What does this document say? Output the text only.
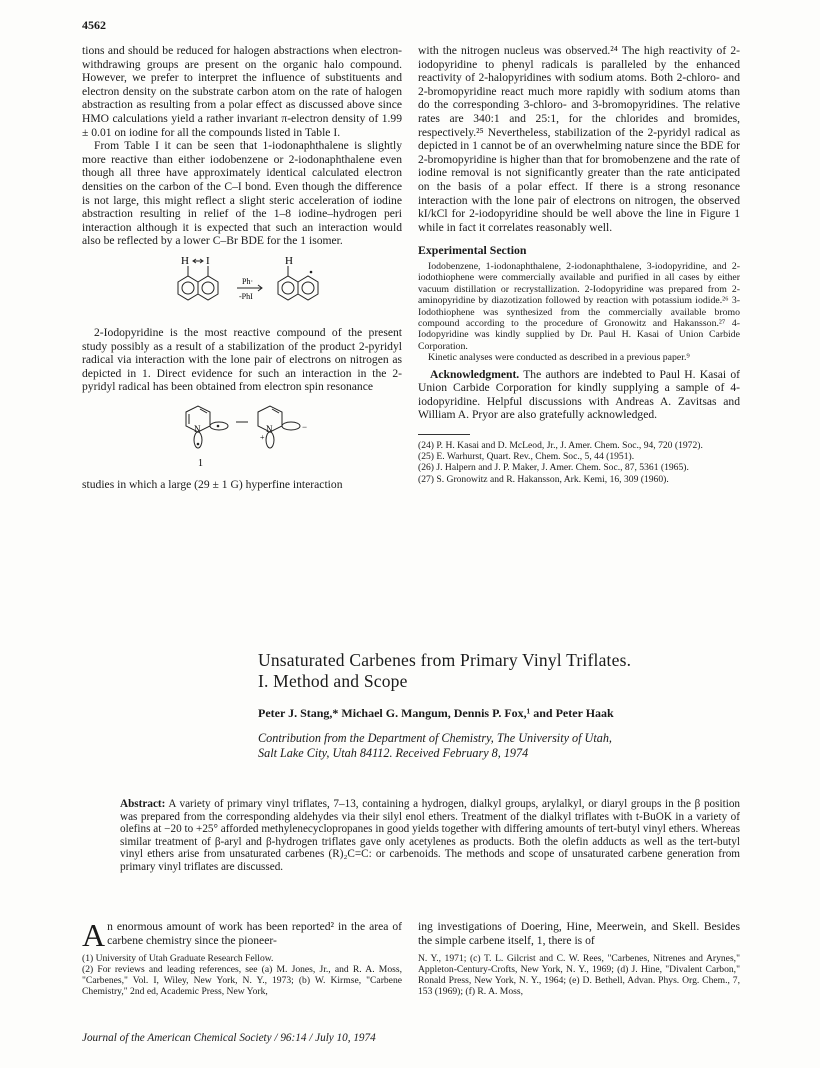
4562

tions and should be reduced for halogen abstractions when electron-withdrawing groups are present on the organic halo compound. However, we prefer to interpret the influence of substituents and electron density on the substrate carbon atom on the rate of halogen abstraction as resulting from a polar effect as discussed above since HMO calculations yield a rather invariant π-electron density of 1.99 ± 0.01 on iodine for all the compounds listed in Table I.

From Table I it can be seen that 1-iodonaphthalene is slightly more reactive than either iodobenzene or 2-iodonaphthalene even though all three have approximately identical calculated electron densities on the carbon of the C–I bond. Even though the difference is not large, this might reflect a slight steric acceleration of iodine abstraction resulting in relief of the 1–8 iodine–hydrogen peri interaction although it is expected that such an interaction would also be reflected by a lower C–Br BDE for the 1 isomer.

H I	H
Ph·
-PhI

2-Iodopyridine is the most reactive compound of the present study possibly as a result of a stabilization of the product 2-pyridyl radical via interaction with the lone pair of electrons on nitrogen as depicted in 1. Direct evidence for such an interaction in the 2-pyridyl radical has been obtained from electron spin resonance

N	N
+
−
1

studies in which a large (29 ± 1 G) hyperfine interaction

with the nitrogen nucleus was observed.²⁴ The high reactivity of 2-iodopyridine to phenyl radicals is paralleled by the enhanced reactivity of 2-halopyridines with sodium atoms. Both 2-chloro- and 2-bromopyridine react much more rapidly with sodium atoms than do the corresponding 3-chloro- and 3-bromopyridines. The relative rates are 340:1 and 25:1, for the chlorides and bromides, respectively.²⁵ Nevertheless, stabilization of the 2-pyridyl radical as depicted in 1 cannot be of an overwhelming nature since the BDE for 2-bromopyridine is higher than that for bromobenzene and the rate of iodine removal is not significantly greater than the rate anticipated on the basis of a polar effect. If there is a strong resonance interaction with the lone pair of electrons on nitrogen, the observed kI/kCl for 2-iodopyridine should be well above the line in Figure 1 while in fact it correlates reasonably well.

Experimental Section

Iodobenzene, 1-iodonaphthalene, 2-iodonaphthalene, 3-iodopyridine, and 2-iodothiophene were commercially available and purified in all cases by either vacuum distillation or recrystallization. 2-Iodopyridine was prepared from 2-aminopyridine by diazotization followed by reaction with potassium iodide.²⁶ 3-Iodothiophene was synthesized from the commercially available bromo compound according to the procedure of Gronowitz and Hakansson.²⁷ 4-Iodopyridine was kindly supplied by Dr. Paul H. Kasai of Union Carbide Corporation.

Kinetic analyses were conducted as described in a previous paper.⁹

Acknowledgment. The authors are indebted to Paul H. Kasai of Union Carbide Corporation for kindly supplying a sample of 4-iodopyridine. Helpful discussions with Andreas A. Zavitsas and William A. Pryor are also gratefully acknowledged.

(24) P. H. Kasai and D. McLeod, Jr., J. Amer. Chem. Soc., 94, 720 (1972).
(25) E. Warhurst, Quart. Rev., Chem. Soc., 5, 44 (1951).
(26) J. Halpern and J. P. Maker, J. Amer. Chem. Soc., 87, 5361 (1965).
(27) S. Gronowitz and R. Hakansson, Ark. Kemi, 16, 309 (1960).
Unsaturated Carbenes from Primary Vinyl Triflates.
I. Method and Scope
Peter J. Stang,* Michael G. Mangum, Dennis P. Fox,¹ and Peter Haak
Contribution from the Department of Chemistry, The University of Utah,
Salt Lake City, Utah 84112. Received February 8, 1974
Abstract: A variety of primary vinyl triflates, 7–13, containing a hydrogen, dialkyl groups, arylalkyl, or diaryl groups in the β position was prepared from the corresponding aldehydes via their silyl enol ethers. Treatment of the dialkyl triflates with t-BuOK in a variety of olefins at −20 to +25° afforded methylenecyclopropanes in good yields together with differing amounts of tert-butyl vinyl ethers. Whereas similar treatment of β-aryl and β-hydrogen triflates gave only acetylenes as products. Both the olefin adducts as well as the tert-butyl vinyl ethers arise from unsaturated carbenes (R)₂C=C: or carbenoids. The methods and scope of unsaturated carbene generation from primary vinyl triflates are discussed.
An enormous amount of work has been reported² in the area of carbene chemistry since the pioneer-
(1) University of Utah Graduate Research Fellow.
(2) For reviews and leading references, see (a) M. Jones, Jr., and R. A. Moss, "Carbenes," Vol. I, Wiley, New York, N. Y., 1973; (b) W. Kirmse, "Carbene Chemistry," 2nd ed, Academic Press, New York,
ing investigations of Doering, Hine, Meerwein, and Skell. Besides the simple carbene itself, 1, there is of
N. Y., 1971; (c) T. L. Gilcrist and C. W. Rees, "Carbenes, Nitrenes and Arynes," Appleton-Century-Crofts, New York, N. Y., 1969; (d) J. Hine, "Divalent Carbon," Ronald Press, New York, N. Y., 1964; (e) D. Bethell, Advan. Phys. Org. Chem., 7, 153 (1969); (f) R. A. Moss,
Journal of the American Chemical Society / 96:14 / July 10, 1974
